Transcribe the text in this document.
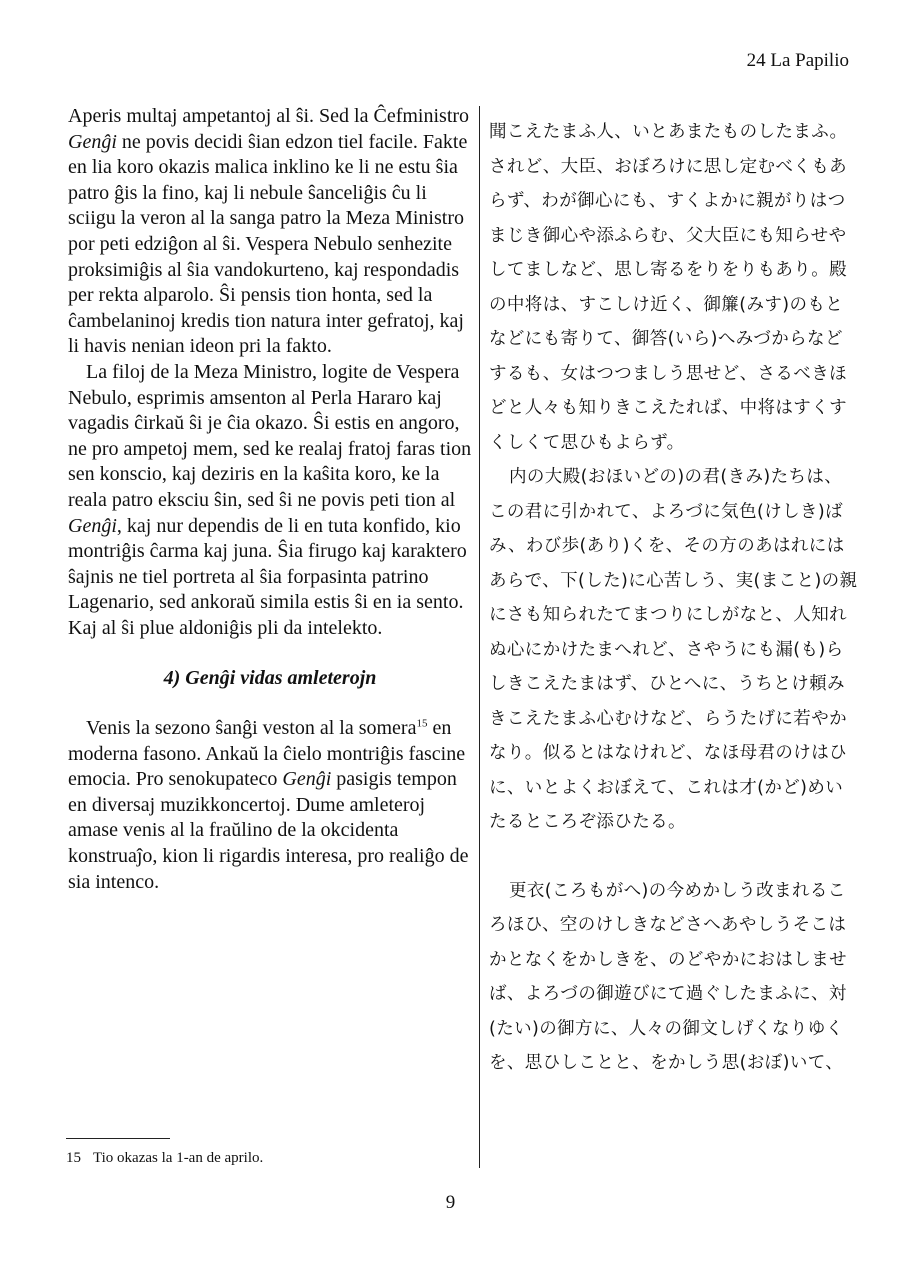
24 La Papilio

Aperis multaj ampetantoj al ŝi. Sed la Ĉefministro Genĝi ne povis decidi ŝian edzon tiel facile. Fakte en lia koro okazis malica inklino ke li ne estu ŝia patro ĝis la fino, kaj li nebule ŝanceliĝis ĉu li sciigu la veron al la sanga patro la Meza Ministro por peti edziĝon al ŝi. Vespera Nebulo senhezite proksimiĝis al ŝia vandokurteno, kaj respondadis per rekta alparolo. Ŝi pensis tion honta, sed la ĉambelaninoj kredis tion natura inter gefratoj, kaj li havis nenian ideon pri la fakto.

La filoj de la Meza Ministro, logite de Vespera Nebulo, esprimis amsenton al Perla Hararo kaj vagadis ĉirkaŭ ŝi je ĉia okazo. Ŝi estis en angoro, ne pro ampetoj mem, sed ke realaj fratoj faras tion sen konscio, kaj deziris en la kaŝita koro, ke la reala patro eksciu ŝin, sed ŝi ne povis peti tion al Genĝi, kaj nur dependis de li en tuta konfido, kio montriĝis ĉarma kaj juna. Ŝia firugo kaj karaktero ŝajnis ne tiel portreta al ŝia forpasinta patrino Lagenario, sed ankoraŭ simila estis ŝi en ia sento. Kaj al ŝi plue aldoniĝis pli da intelekto.

4) Genĝi vidas amleterojn

Venis la sezono ŝanĝi veston al la somera$^{15}$ en moderna fasono. Ankaŭ la ĉielo montriĝis fascine emocia. Pro senokupateco Genĝi pasigis tempon en diversaj muzikkoncertoj. Dume amleteroj amase venis al la fraŭlino de la okcidenta konstruaĵo, kion li rigardis interesa, pro realiĝo de sia intenco.

聞こえたまふ人、いとあまたものしたまふ。されど、大臣、おぼろけに思し定むべくもあらず、わが御心にも、すくよかに親がりはつまじき御心や添ふらむ、父大臣にも知らせやしてましなど、思し寄るをりをりもあり。殿の中将は、すこしけ近く、御簾(みす)のもとなどにも寄りて、御答(いら)へみづからなどするも、女はつつましう思せど、さるべきほどと人々も知りきこえたれば、中将はすくすくしくて思ひもよらず。

内の大殿(おほいどの)の君(きみ)たちは、この君に引かれて、よろづに気色(けしき)ばみ、わび歩(あり)くを、その方のあはれにはあらで、下(した)に心苦しう、実(まこと)の親にさも知られたてまつりにしがなと、人知れぬ心にかけたまへれど、さやうにも漏(も)らしきこえたまはず、ひとへに、うちとけ頼みきこえたまふ心むけなど、らうたげに若やかなり。似るとはなけれど、なほ母君のけはひに、いとよくおぼえて、これは才(かど)めいたるところぞ添ひたる。

更衣(ころもがへ)の今めかしう改まれるころほひ、空のけしきなどさへあやしうそこはかとなくをかしきを、のどやかにおはしませば、よろづの御遊びにて過ぐしたまふに、対(たい)の御方に、人々の御文しげくなりゆくを、思ひしことと、をかしう思(おぼ)いて、

15 Tio okazas la 1-an de aprilo.
9
